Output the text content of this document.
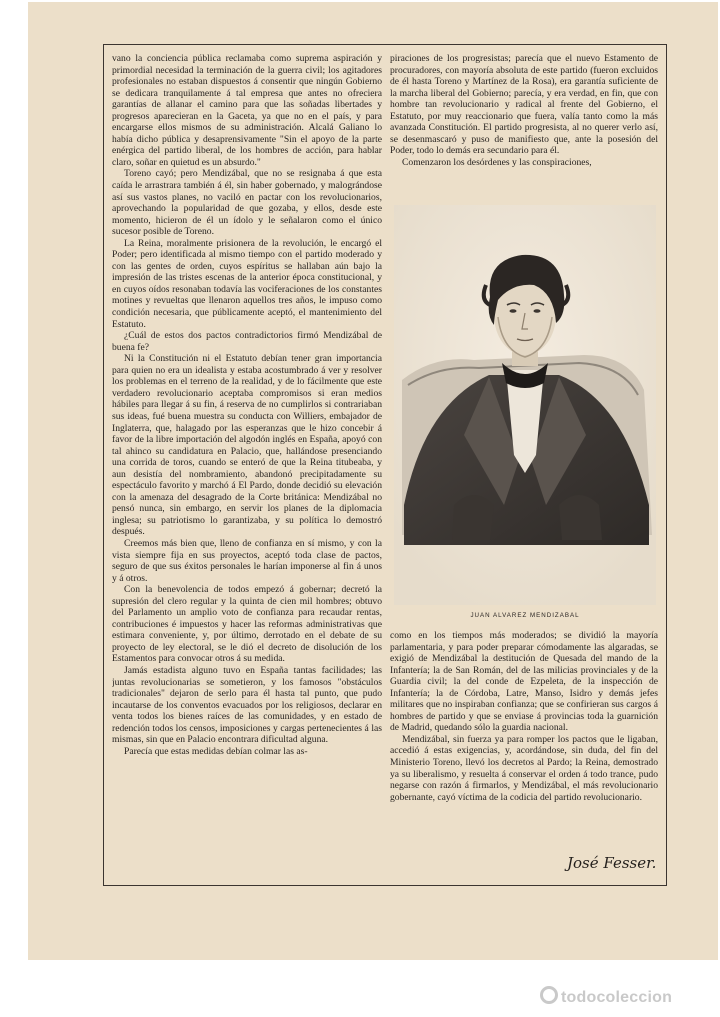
vano la conciencia pública reclamaba como suprema aspiración y primordial necesidad la terminación de la guerra civil; los agitadores profesionales no estaban dispuestos á consentir que ningún Gobierno se dedicara tranquilamente á tal empresa que antes no ofreciera garantías de allanar el camino para que las soñadas libertades y progresos aparecieran en la Gaceta, ya que no en el país, y para encargarse ellos mismos de su administración. Alcalá Galiano lo había dicho pública y desaprensivamente "Sin el apoyo de la parte enérgica del partido liberal, de los hombres de acción, para hablar claro, soñar en quietud es un absurdo."

Toreno cayó; pero Mendizábal, que no se resignaba á que esta caída le arrastrara también á él, sin haber gobernado, y malográndose así sus vastos planes, no vaciló en pactar con los revolucionarios, aprovechando la popularidad de que gozaba, y ellos, desde este momento, hicieron de él un ídolo y le señalaron como el único sucesor posible de Toreno.

La Reina, moralmente prisionera de la revolución, le encargó el Poder; pero identificada al mismo tiempo con el partido moderado y con las gentes de orden, cuyos espíritus se hallaban aún bajo la impresión de las tristes escenas de la anterior época constitucional, y en cuyos oídos resonaban todavía las vociferaciones de los constantes motines y revueltas que llenaron aquellos tres años, le impuso como condición necesaria, que públicamente aceptó, el mantenimiento del Estatuto.

¿Cuál de estos dos pactos contradictorios firmó Mendizábal de buena fe?

Ni la Constitución ni el Estatuto debían tener gran importancia para quien no era un idealista y estaba acostumbrado á ver y resolver los problemas en el terreno de la realidad, y de lo fácilmente que este verdadero revolucionario aceptaba compromisos si eran medios hábiles para llegar á su fin, á reserva de no cumplirlos si contrariaban sus ideas, fué buena muestra su conducta con Williers, embajador de Inglaterra, que, halagado por las esperanzas que le hizo concebir á favor de la libre importación del algodón inglés en España, apoyó con tal ahinco su candidatura en Palacio, que, hallándose presenciando una corrida de toros, cuando se enteró de que la Reina titubeaba, y aun desistía del nombramiento, abandonó precipitadamente su espectáculo favorito y marchó á El Pardo, donde decidió su elevación con la amenaza del desagrado de la Corte británica: Mendizábal no pensó nunca, sin embargo, en servir los planes de la diplomacia inglesa; su patriotismo lo garantizaba, y su política lo demostró después.

Creemos más bien que, lleno de confianza en sí mismo, y con la vista siempre fija en sus proyectos, aceptó toda clase de pactos, seguro de que sus éxitos personales le harían imponerse al fin á unos y á otros.

Con la benevolencia de todos empezó á gobernar; decretó la supresión del clero regular y la quinta de cien mil hombres; obtuvo del Parlamento un amplio voto de confianza para recaudar rentas, contribuciones é impuestos y hacer las reformas administrativas que estimara conveniente, y, por último, derrotado en el debate de su proyecto de ley electoral, se le dió el decreto de disolución de los Estamentos para convocar otros á su medida.

Jamás estadista alguno tuvo en España tantas facilidades; las juntas revolucionarias se sometieron, y los famosos "obstáculos tradicionales" dejaron de serlo para él hasta tal punto, que pudo incautarse de los conventos evacuados por los religiosos, declarar en venta todos los bienes raíces de las comunidades, y en estado de redención todos los censos, imposiciones y cargas pertenecientes á las mismas, sin que en Palacio encontrara dificultad alguna.

Parecía que estas medidas debían colmar las as-

piraciones de los progresistas; parecía que el nuevo Estamento de procuradores, con mayoría absoluta de este partido (fueron excluidos de él hasta Toreno y Martínez de la Rosa), era garantía suficiente de la marcha liberal del Gobierno; parecía, y era verdad, en fin, que con hombre tan revolucionario y radical al frente del Gobierno, el Estatuto, por muy reaccionario que fuera, valía tanto como la más avanzada Constitución. El partido progresista, al no querer verlo así, se desenmascaró y puso de manifiesto que, ante la posesión del Poder, todo lo demás era secundario para él.

Comenzaron los desórdenes y las conspiraciones,

JUAN ALVAREZ MENDIZABAL

como en los tiempos más moderados; se dividió la mayoría parlamentaria, y para poder preparar cómodamente las algaradas, se exigió de Mendizábal la destitución de Quesada del mando de la Infantería; la de San Román, del de las milicias provinciales y de la Guardia civil; la del conde de Ezpeleta, de la inspección de Infantería; la de Córdoba, Latre, Manso, Isidro y demás jefes militares que no inspiraban confianza; que se confirieran sus cargos á hombres de partido y que se enviase á provincias toda la guarnición de Madrid, quedando sólo la guardia nacional.

Mendizábal, sin fuerza ya para romper los pactos que le ligaban, accedió á estas exigencias, y, acordándose, sin duda, del fin del Ministerio Toreno, llevó los decretos al Pardo; la Reina, demostrado ya su liberalismo, y resuelta á conservar el orden á todo trance, pudo negarse con razón á firmarlos, y Mendizábal, el más revolucionario gobernante, cayó víctima de la codicia del partido revolucionario.

José Fesser.
todocoleccion
